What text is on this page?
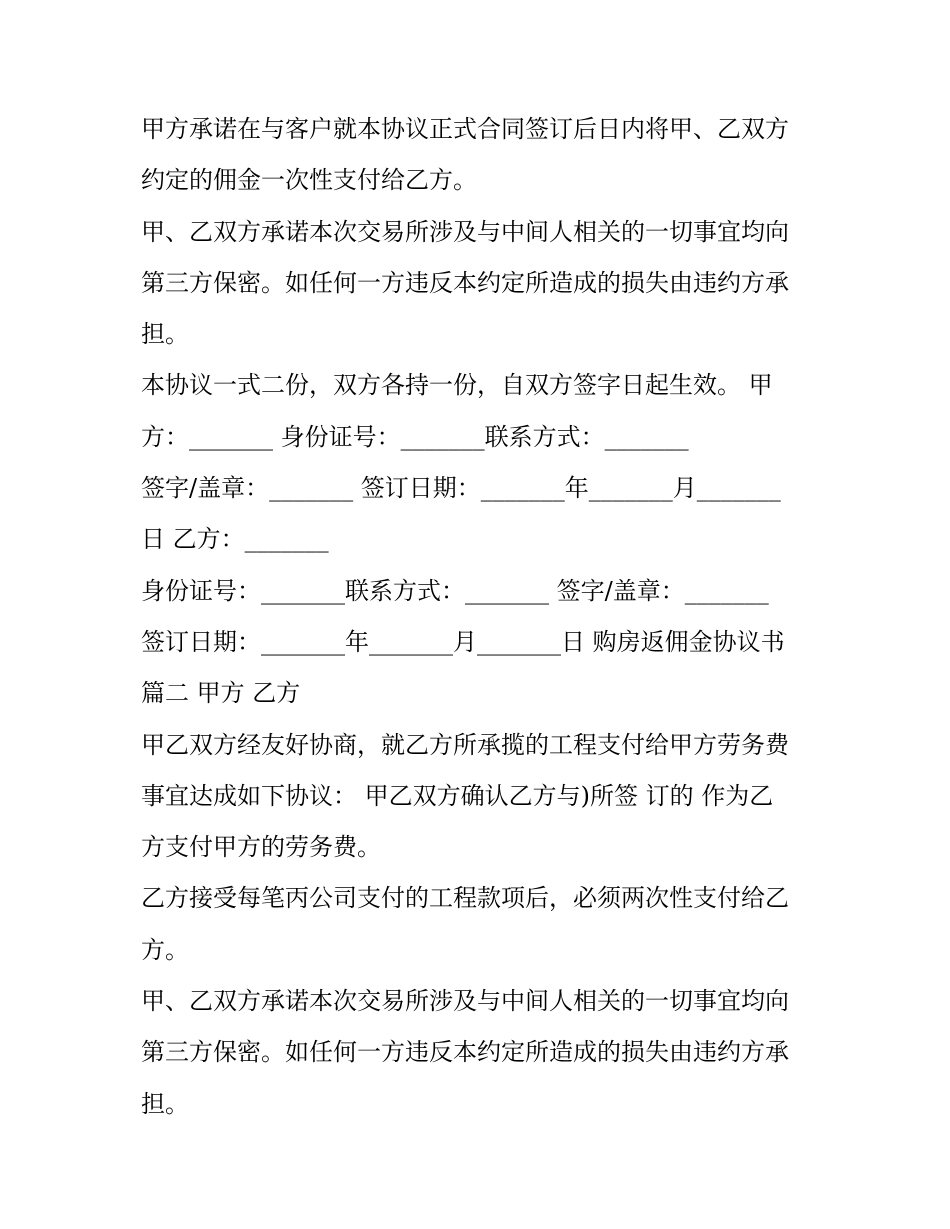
甲方承诺在与客户就本协议正式合同签订后日内将甲、乙双方
约定的佣金一次性支付给乙方。
甲、乙双方承诺本次交易所涉及与中间人相关的一切事宜均向
第三方保密。如任何一方违反本约定所造成的损失由违约方承
担。
本协议一式二份，双方各持一份，自双方签字日起生效。 甲
方：_______ 身份证号：_______联系方式：_______
签字/盖章：_______ 签订日期：_______年_______月_______
日 乙方：_______
身份证号：_______联系方式：_______ 签字/盖章：_______
签订日期：_______年_______月_______日 购房返佣金协议书
篇二 甲方 乙方
甲乙双方经友好协商，就乙方所承揽的工程支付给甲方劳务费
事宜达成如下协议： 甲乙双方确认乙方与)所签 订的 作为乙
方支付甲方的劳务费。
乙方接受每笔丙公司支付的工程款项后，必须两次性支付给乙
方。
甲、乙双方承诺本次交易所涉及与中间人相关的一切事宜均向
第三方保密。如任何一方违反本约定所造成的损失由违约方承
担。
